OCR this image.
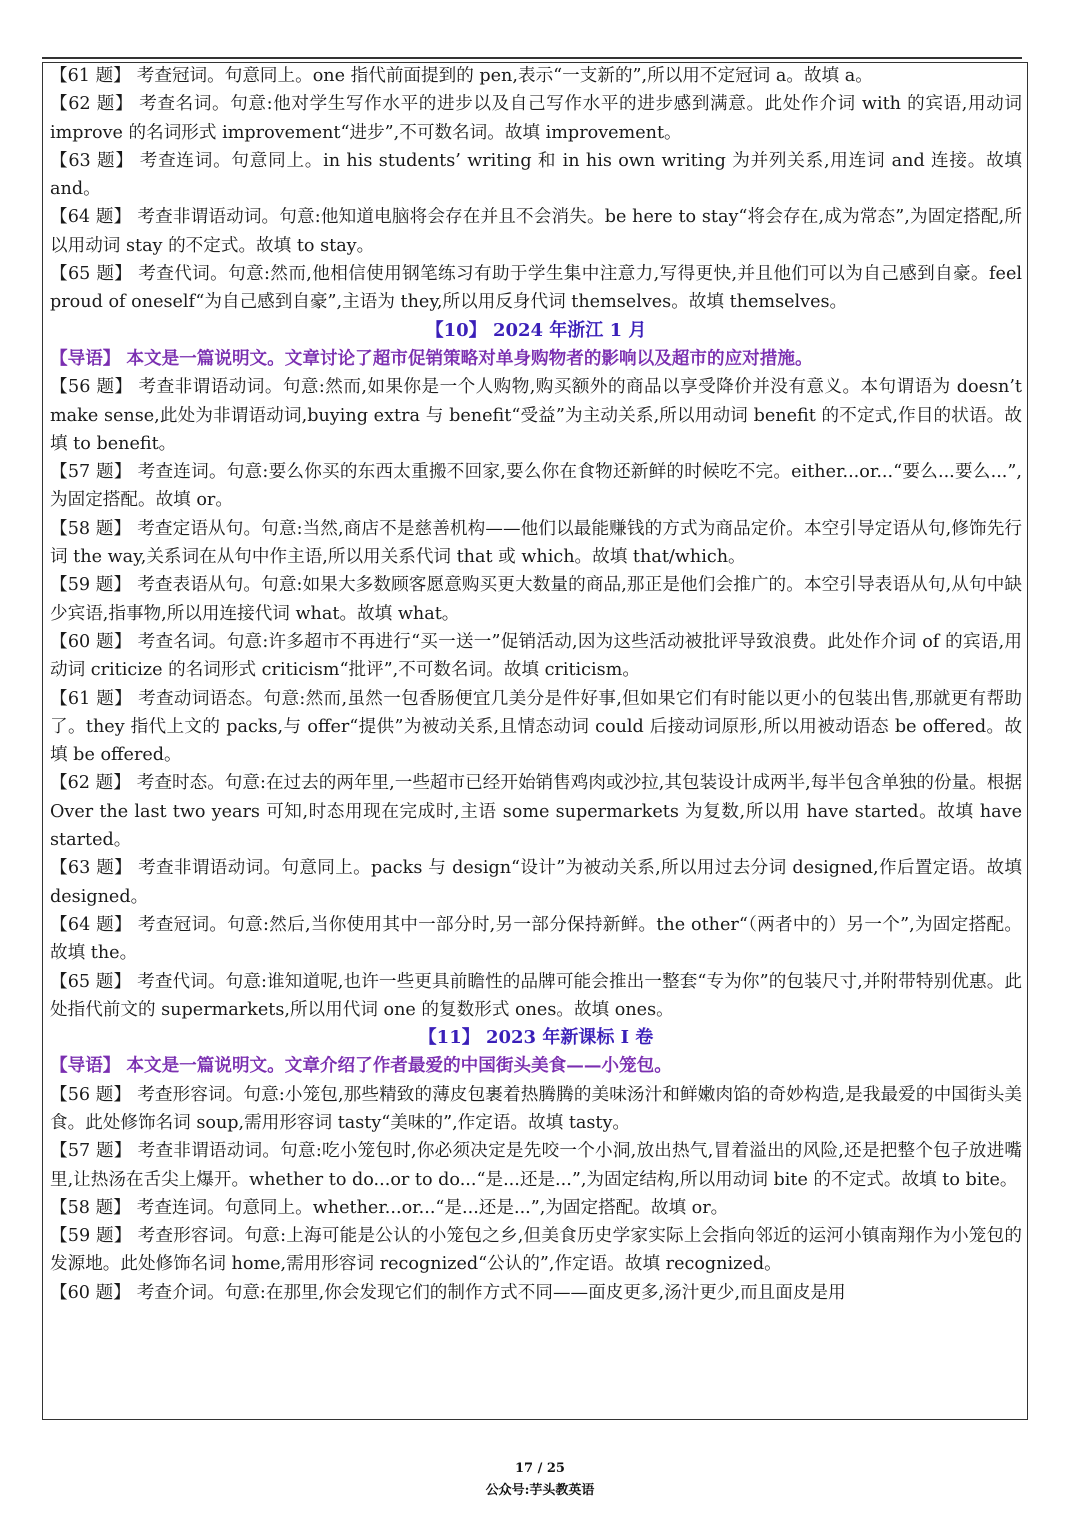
【61 题】 考查冠词。句意同上。one 指代前面提到的 pen,表示“一支新的”,所以用不定冠词 a。故填 a。

【62 题】 考查名词。句意:他对学生写作水平的进步以及自己写作水平的进步感到满意。此处作介词 with 的宾语,用动词 improve 的名词形式 improvement“进步”,不可数名词。故填 improvement。

【63 题】 考查连词。句意同上。in his students’ writing 和 in his own writing 为并列关系,用连词 and 连接。故填 and。

【64 题】 考查非谓语动词。句意:他知道电脑将会存在并且不会消失。be here to stay“将会存在,成为常态”,为固定搭配,所以用动词 stay 的不定式。故填 to stay。

【65 题】 考查代词。句意:然而,他相信使用钢笔练习有助于学生集中注意力,写得更快,并且他们可以为自己感到自豪。feel proud of oneself“为自己感到自豪”,主语为 they,所以用反身代词 themselves。故填 themselves。

【10】 2024 年浙江 1 月

【导语】 本文是一篇说明文。文章讨论了超市促销策略对单身购物者的影响以及超市的应对措施。

【56 题】 考查非谓语动词。句意:然而,如果你是一个人购物,购买额外的商品以享受降价并没有意义。本句谓语为 doesn’t make sense,此处为非谓语动词,buying extra 与 benefit“受益”为主动关系,所以用动词 benefit 的不定式,作目的状语。故填 to benefit。

【57 题】 考查连词。句意:要么你买的东西太重搬不回家,要么你在食物还新鲜的时候吃不完。either...or...“要么...要么...”,为固定搭配。故填 or。

【58 题】 考查定语从句。句意:当然,商店不是慈善机构——他们以最能赚钱的方式为商品定价。本空引导定语从句,修饰先行词 the way,关系词在从句中作主语,所以用关系代词 that 或 which。故填 that/which。

【59 题】 考查表语从句。句意:如果大多数顾客愿意购买更大数量的商品,那正是他们会推广的。本空引导表语从句,从句中缺少宾语,指事物,所以用连接代词 what。故填 what。

【60 题】 考查名词。句意:许多超市不再进行“买一送一”促销活动,因为这些活动被批评导致浪费。此处作介词 of 的宾语,用动词 criticize 的名词形式 criticism“批评”,不可数名词。故填 criticism。

【61 题】 考查动词语态。句意:然而,虽然一包香肠便宜几美分是件好事,但如果它们有时能以更小的包装出售,那就更有帮助了。they 指代上文的 packs,与 offer“提供”为被动关系,且情态动词 could 后接动词原形,所以用被动语态 be offered。故填 be offered。

【62 题】 考查时态。句意:在过去的两年里,一些超市已经开始销售鸡肉或沙拉,其包装设计成两半,每半包含单独的份量。根据 Over the last two years 可知,时态用现在完成时,主语 some supermarkets 为复数,所以用 have started。故填 have started。

【63 题】 考查非谓语动词。句意同上。packs 与 design“设计”为被动关系,所以用过去分词 designed,作后置定语。故填 designed。

【64 题】 考查冠词。句意:然后,当你使用其中一部分时,另一部分保持新鲜。the other“（两者中的）另一个”,为固定搭配。故填 the。

【65 题】 考查代词。句意:谁知道呢,也许一些更具前瞻性的品牌可能会推出一整套“专为你”的包装尺寸,并附带特别优惠。此处指代前文的 supermarkets,所以用代词 one 的复数形式 ones。故填 ones。

【11】 2023 年新课标 I 卷

【导语】 本文是一篇说明文。文章介绍了作者最爱的中国街头美食——小笼包。

【56 题】 考查形容词。句意:小笼包,那些精致的薄皮包裹着热腾腾的美味汤汁和鲜嫩肉馅的奇妙构造,是我最爱的中国街头美食。此处修饰名词 soup,需用形容词 tasty“美味的”,作定语。故填 tasty。

【57 题】 考查非谓语动词。句意:吃小笼包时,你必须决定是先咬一个小洞,放出热气,冒着溢出的风险,还是把整个包子放进嘴里,让热汤在舌尖上爆开。whether to do...or to do...“是...还是...”,为固定结构,所以用动词 bite 的不定式。故填 to bite。

【58 题】 考查连词。句意同上。whether...or...“是...还是...”,为固定搭配。故填 or。

【59 题】 考查形容词。句意:上海可能是公认的小笼包之乡,但美食历史学家实际上会指向邻近的运河小镇南翔作为小笼包的发源地。此处修饰名词 home,需用形容词 recognized“公认的”,作定语。故填 recognized。

【60 题】 考查介词。句意:在那里,你会发现它们的制作方式不同——面皮更多,汤汁更少,而且面皮是用

17 / 25
公众号:芋头教英语
